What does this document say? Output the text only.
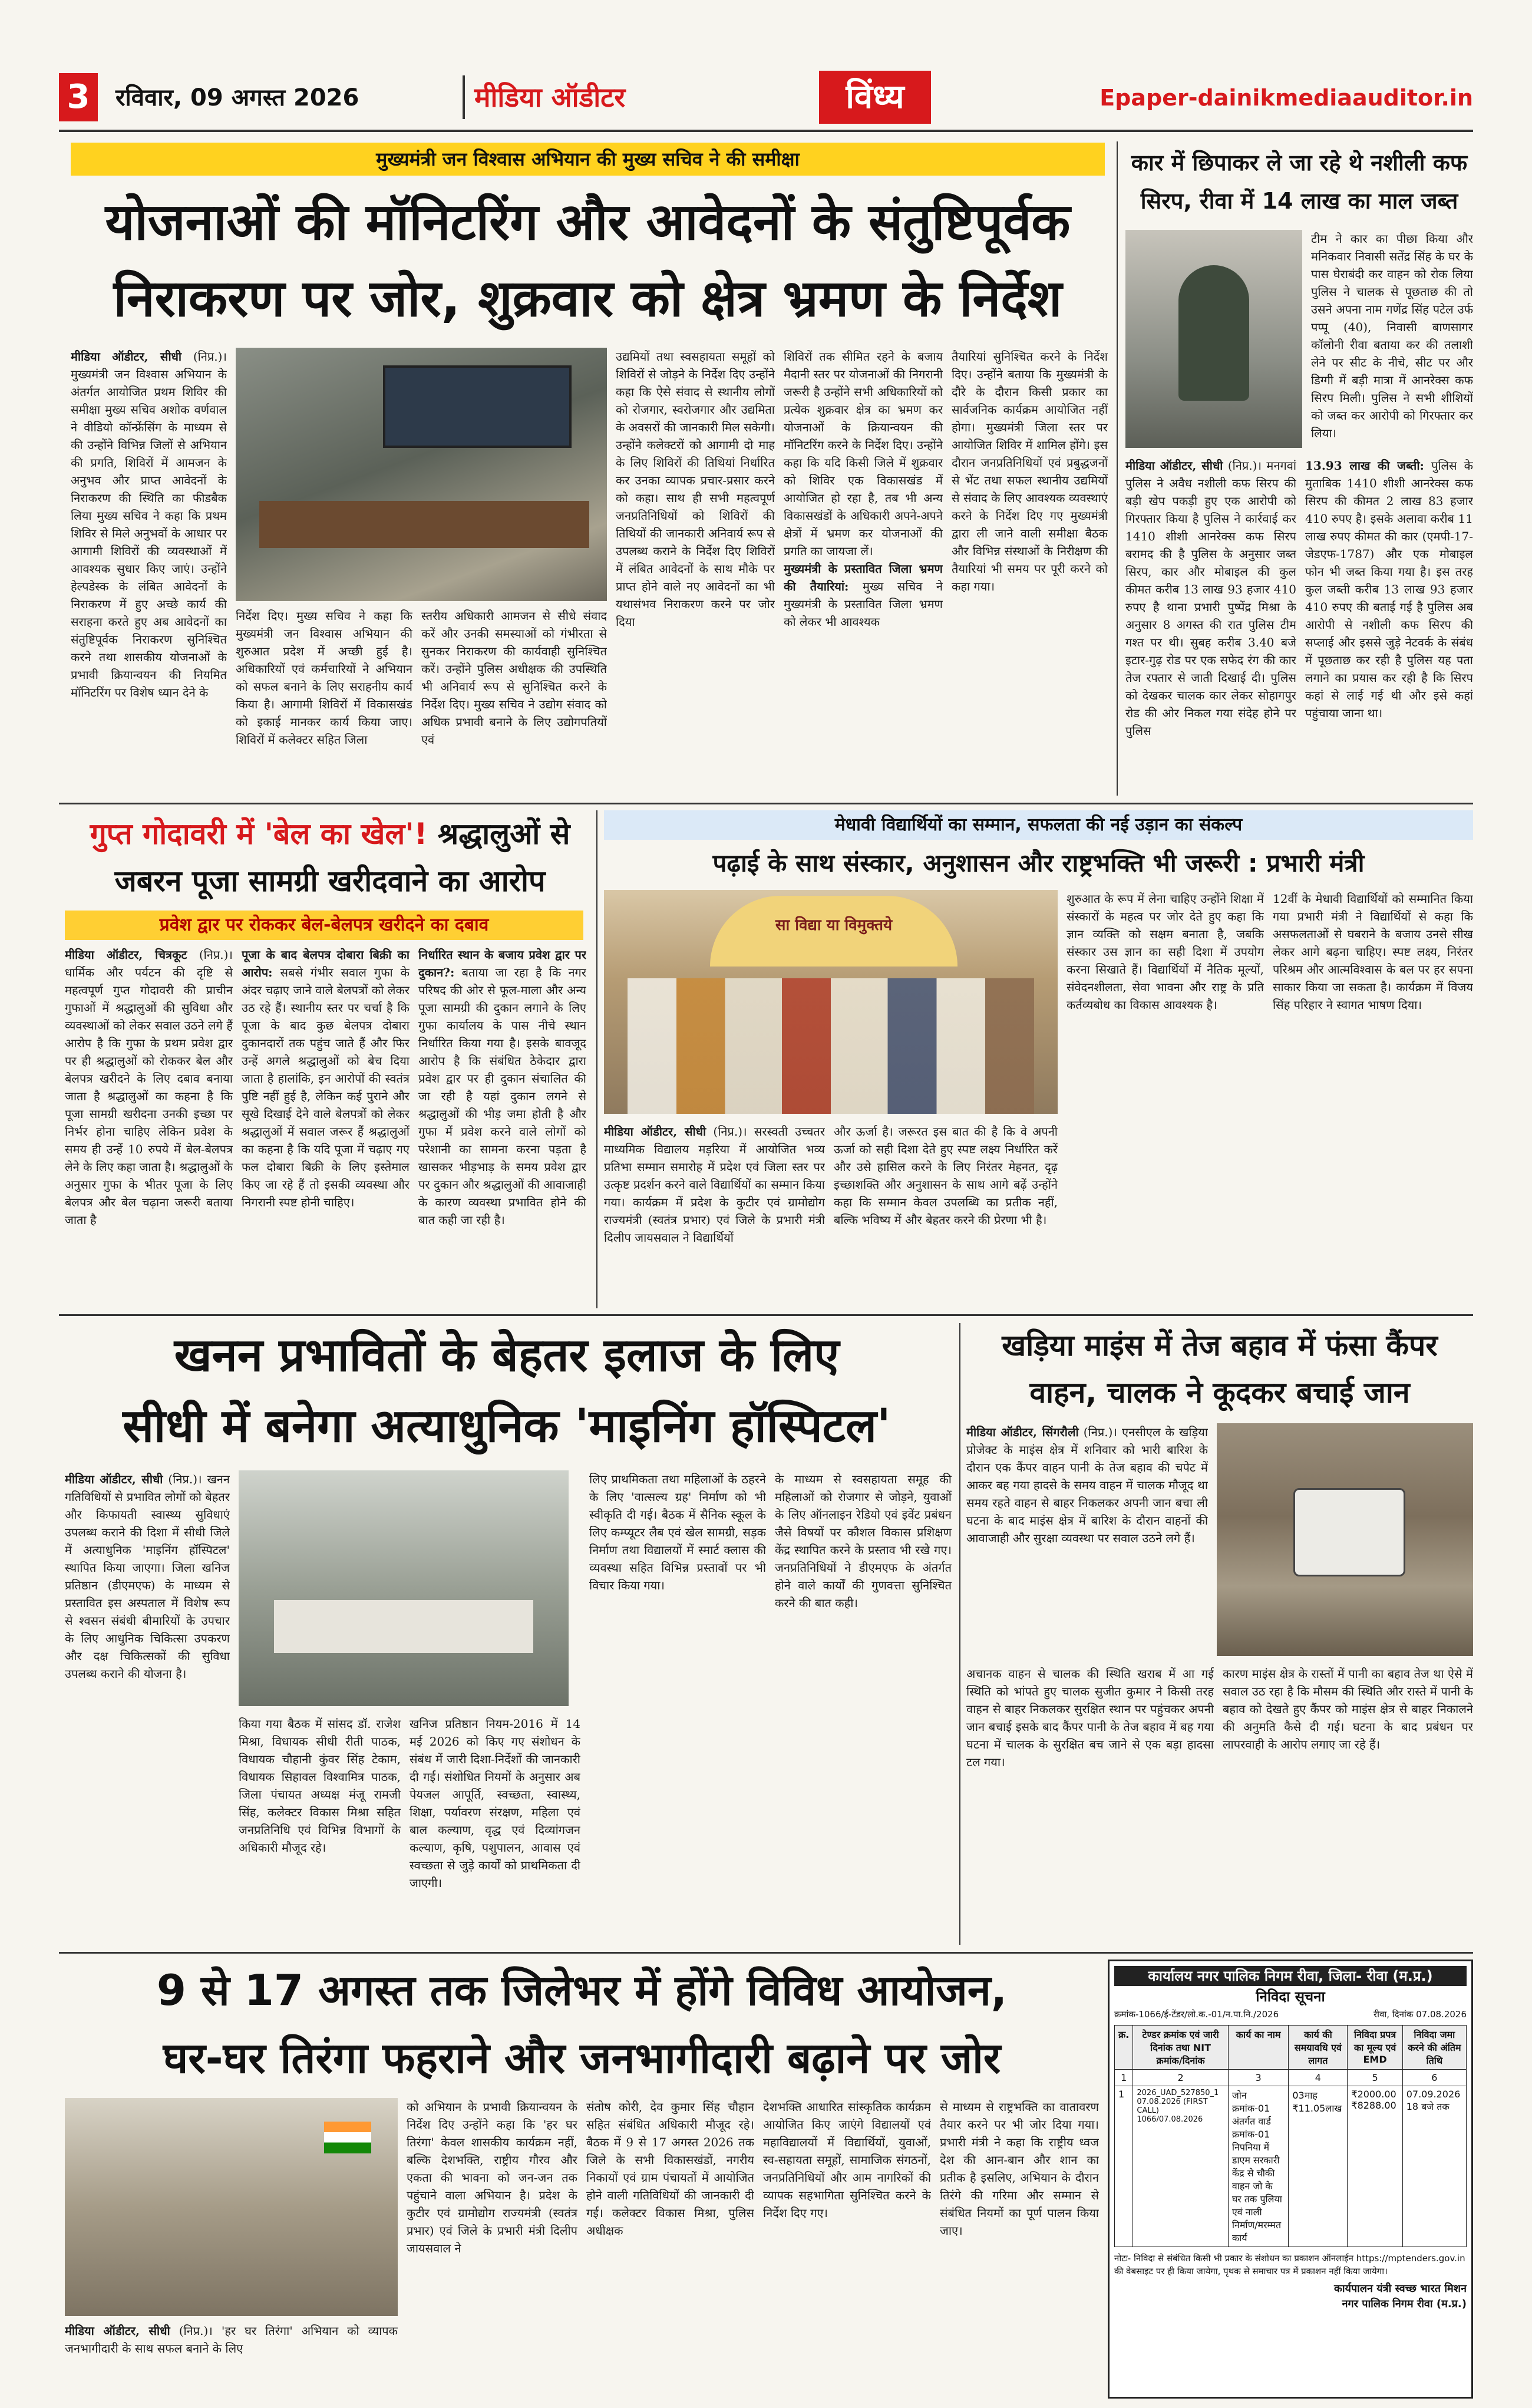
3	रविवार, 09 अगस्त 2026	मीडिया ऑडीटर	विंध्य	Epaper-dainikmediaauditor.in
मुख्यमंत्री जन विश्वास अभियान की मुख्य सचिव ने की समीक्षा
योजनाओं की मॉनिटरिंग और आवेदनों के संतुष्टिपूर्वक
निराकरण पर जोर, शुक्रवार को क्षेत्र भ्रमण के निर्देश
मीडिया ऑडीटर, सीधी (निप्र.)। मुख्यमंत्री जन विश्वास अभियान के अंतर्गत आयोजित प्रथम शिविर की समीक्षा मुख्य सचिव अशोक वर्णवाल ने वीडियो कॉन्फ्रेंसिंग के माध्यम से की उन्होंने विभिन्न जिलों से अभियान की प्रगति, शिविरों में आमजन के अनुभव और प्राप्त आवेदनों के निराकरण की स्थिति का फीडबैक लिया मुख्य सचिव ने कहा कि प्रथम शिविर से मिले अनुभवों के आधार पर आगामी शिविरों की व्यवस्थाओं में आवश्यक सुधार किए जाएं। उन्होंने हेल्पडेस्क के लंबित आवेदनों के निराकरण में हुए अच्छे कार्य की सराहना करते हुए अब आवेदनों का संतुष्टिपूर्वक निराकरण सुनिश्चित करने तथा शासकीय योजनाओं के प्रभावी क्रियान्वयन की नियमित मॉनिटरिंग पर विशेष ध्यान देने के
निर्देश दिए। मुख्य सचिव ने कहा कि मुख्यमंत्री जन विश्वास अभियान की शुरुआत प्रदेश में अच्छी हुई है। अधिकारियों एवं कर्मचारियों ने अभियान को सफल बनाने के लिए सराहनीय कार्य किया है। आगामी शिविरों में विकासखंड को इकाई मानकर कार्य किया जाए। शिविरों में कलेक्टर सहित जिला
स्तरीय अधिकारी आमजन से सीधे संवाद करें और उनकी समस्याओं को गंभीरता से सुनकर निराकरण की कार्यवाही सुनिश्चित करें। उन्होंने पुलिस अधीक्षक की उपस्थिति भी अनिवार्य रूप से सुनिश्चित करने के निर्देश दिए। मुख्य सचिव ने उद्योग संवाद को अधिक प्रभावी बनाने के लिए उद्योगपतियों एवं
उद्यमियों तथा स्वसहायता समूहों को शिविरों से जोड़ने के निर्देश दिए उन्होंने कहा कि ऐसे संवाद से स्थानीय लोगों को रोजगार, स्वरोजगार और उद्यमिता के अवसरों की जानकारी मिल सकेगी। उन्होंने कलेक्टरों को आगामी दो माह के लिए शिविरों की तिथियां निर्धारित कर उनका व्यापक प्रचार-प्रसार करने को कहा। साथ ही सभी महत्वपूर्ण जनप्रतिनिधियों को शिविरों की तिथियों की जानकारी अनिवार्य रूप से उपलब्ध कराने के निर्देश दिए शिविरों में लंबित आवेदनों के साथ मौके पर प्राप्त होने वाले नए आवेदनों का भी यथासंभव निराकरण करने पर जोर दिया
शिविरों तक सीमित रहने के बजाय मैदानी स्तर पर योजनाओं की निगरानी जरूरी है उन्होंने सभी अधिकारियों को प्रत्येक शुक्रवार क्षेत्र का भ्रमण कर योजनाओं के क्रियान्वयन की मॉनिटरिंग करने के निर्देश दिए। उन्होंने कहा कि यदि किसी जिले में शुक्रवार को शिविर एक विकासखंड में आयोजित हो रहा है, तब भी अन्य विकासखंडों के अधिकारी अपने-अपने क्षेत्रों में भ्रमण कर योजनाओं की प्रगति का जायजा लें।
मुख्यमंत्री के प्रस्तावित जिला भ्रमण की तैयारियां: मुख्य सचिव ने मुख्यमंत्री के प्रस्तावित जिला भ्रमण को लेकर भी आवश्यक
तैयारियां सुनिश्चित करने के निर्देश दिए। उन्होंने बताया कि मुख्यमंत्री के दौरे के दौरान किसी प्रकार का सार्वजनिक कार्यक्रम आयोजित नहीं होगा। मुख्यमंत्री जिला स्तर पर आयोजित शिविर में शामिल होंगे। इस दौरान जनप्रतिनिधियों एवं प्रबुद्धजनों से भेंट तथा सफल स्थानीय उद्यमियों से संवाद के लिए आवश्यक व्यवस्थाएं करने के निर्देश दिए गए मुख्यमंत्री द्वारा ली जाने वाली समीक्षा बैठक और विभिन्न संस्थाओं के निरीक्षण की तैयारियां भी समय पर पूरी करने को कहा गया।
कार में छिपाकर ले जा रहे थे नशीली कफ
सिरप, रीवा में 14 लाख का माल जब्त
टीम ने कार का पीछा किया और मनिकवार निवासी सतेंद्र सिंह के घर के पास घेराबंदी कर वाहन को रोक लिया पुलिस ने चालक से पूछताछ की तो उसने अपना नाम गणेंद्र सिंह पटेल उर्फ पप्पू (40), निवासी बाणसागर कॉलोनी रीवा बताया कर की तलाशी लेने पर सीट के नीचे, सीट पर और डिग्गी में बड़ी मात्रा में आनरेक्स कफ सिरप मिली। पुलिस ने सभी शीशियों को जब्त कर आरोपी को गिरफ्तार कर लिया।
मीडिया ऑडीटर, सीधी (निप्र.)। मनगवां पुलिस ने अवैध नशीली कफ सिरप की बड़ी खेप पकड़ी हुए एक आरोपी को गिरफ्तार किया है पुलिस ने कार्रवाई कर 1410 शीशी आनरेक्स कफ सिरप बरामद की है पुलिस के अनुसार जब्त सिरप, कार और मोबाइल की कुल कीमत करीब 13 लाख 93 हजार 410 रुपए है थाना प्रभारी पुष्पेंद्र मिश्रा के अनुसार 8 अगस्त की रात पुलिस टीम गश्त पर थी। सुबह करीब 3.40 बजे इटार-गुढ़ रोड पर एक सफेद रंग की कार तेज रफ्तार से जाती दिखाई दी। पुलिस को देखकर चालक कार लेकर सोहागपुर रोड की ओर निकल गया संदेह होने पर पुलिस
13.93 लाख की जब्ती: पुलिस के मुताबिक 1410 शीशी आनरेक्स कफ सिरप की कीमत 2 लाख 83 हजार 410 रुपए है। इसके अलावा करीब 11 लाख रुपए कीमत की कार (एमपी-17-जेडएफ-1787) और एक मोबाइल फोन भी जब्त किया गया है। इस तरह कुल जब्ती करीब 13 लाख 93 हजार 410 रुपए की बताई गई है पुलिस अब आरोपी से नशीली कफ सिरप की सप्लाई और इससे जुड़े नेटवर्क के संबंध में पूछताछ कर रही है पुलिस यह पता लगाने का प्रयास कर रही है कि सिरप कहां से लाई गई थी और इसे कहां पहुंचाया जाना था।
गुप्त गोदावरी में 'बेल का खेल'! श्रद्धालुओं से
जबरन पूजा सामग्री खरीदवाने का आरोप
प्रवेश द्वार पर रोककर बेल-बेलपत्र खरीदने का दबाव
मीडिया ऑडीटर, चित्रकूट (निप्र.)। धार्मिक और पर्यटन की दृष्टि से महत्वपूर्ण गुप्त गोदावरी की प्राचीन गुफाओं में श्रद्धालुओं की सुविधा और व्यवस्थाओं को लेकर सवाल उठने लगे हैं आरोप है कि गुफा के प्रथम प्रवेश द्वार पर ही श्रद्धालुओं को रोककर बेल और बेलपत्र खरीदने के लिए दबाव बनाया जाता है श्रद्धालुओं का कहना है कि पूजा सामग्री खरीदना उनकी इच्छा पर निर्भर होना चाहिए लेकिन प्रवेश के समय ही उन्हें 10 रुपये में बेल-बेलपत्र लेने के लिए कहा जाता है। श्रद्धालुओं के अनुसार गुफा के भीतर पूजा के लिए बेलपत्र और बेल चढ़ाना जरूरी बताया जाता है
पूजा के बाद बेलपत्र दोबारा बिक्री का आरोप: सबसे गंभीर सवाल गुफा के अंदर चढ़ाए जाने वाले बेलपत्रों को लेकर उठ रहे हैं। स्थानीय स्तर पर चर्चा है कि पूजा के बाद कुछ बेलपत्र दोबारा दुकानदारों तक पहुंच जाते हैं और फिर उन्हें अगले श्रद्धालुओं को बेच दिया जाता है हालांकि, इन आरोपों की स्वतंत्र पुष्टि नहीं हुई है, लेकिन कई पुराने और सूखे दिखाई देने वाले बेलपत्रों को लेकर श्रद्धालुओं में सवाल जरूर हैं श्रद्धालुओं का कहना है कि यदि पूजा में चढ़ाए गए फल दोबारा बिक्री के लिए इस्तेमाल किए जा रहे हैं तो इसकी व्यवस्था और निगरानी स्पष्ट होनी चाहिए।
निर्धारित स्थान के बजाय प्रवेश द्वार पर दुकान?: बताया जा रहा है कि नगर परिषद की ओर से फूल-माला और अन्य पूजा सामग्री की दुकान लगाने के लिए गुफा कार्यालय के पास नीचे स्थान निर्धारित किया गया है। इसके बावजूद आरोप है कि संबंधित ठेकेदार द्वारा प्रवेश द्वार पर ही दुकान संचालित की जा रही है यहां दुकान लगने से श्रद्धालुओं की भीड़ जमा होती है और गुफा में प्रवेश करने वाले लोगों को परेशानी का सामना करना पड़ता है खासकर भीड़भाड़ के समय प्रवेश द्वार पर दुकान और श्रद्धालुओं की आवाजाही के कारण व्यवस्था प्रभावित होने की बात कही जा रही है।
मेधावी विद्यार्थियों का सम्मान, सफलता की नई उड़ान का संकल्प
पढ़ाई के साथ संस्कार, अनुशासन और राष्ट्रभक्ति भी जरूरी : प्रभारी मंत्री
सा विद्या या विमुक्तये
मीडिया ऑडीटर, सीधी (निप्र.)। सरस्वती उच्चतर माध्यमिक विद्यालय मड़रिया में आयोजित भव्य प्रतिभा सम्मान समारोह में प्रदेश एवं जिला स्तर पर उत्कृष्ट प्रदर्शन करने वाले विद्यार्थियों का सम्मान किया गया। कार्यक्रम में प्रदेश के कुटीर एवं ग्रामोद्योग राज्यमंत्री (स्वतंत्र प्रभार) एवं जिले के प्रभारी मंत्री दिलीप जायसवाल ने विद्यार्थियों
और ऊर्जा है। जरूरत इस बात की है कि वे अपनी ऊर्जा को सही दिशा देते हुए स्पष्ट लक्ष्य निर्धारित करें और उसे हासिल करने के लिए निरंतर मेहनत, दृढ़ इच्छाशक्ति और अनुशासन के साथ आगे बढ़ें उन्होंने कहा कि सम्मान केवल उपलब्धि का प्रतीक नहीं, बल्कि भविष्य में और बेहतर करने की प्रेरणा भी है।
शुरुआत के रूप में लेना चाहिए उन्होंने शिक्षा में संस्कारों के महत्व पर जोर देते हुए कहा कि ज्ञान व्यक्ति को सक्षम बनाता है, जबकि संस्कार उस ज्ञान का सही दिशा में उपयोग करना सिखाते हैं। विद्यार्थियों में नैतिक मूल्यों, संवेदनशीलता, सेवा भावना और राष्ट्र के प्रति कर्तव्यबोध का विकास आवश्यक है।
12वीं के मेधावी विद्यार्थियों को सम्मानित किया गया प्रभारी मंत्री ने विद्यार्थियों से कहा कि असफलताओं से घबराने के बजाय उनसे सीख लेकर आगे बढ़ना चाहिए। स्पष्ट लक्ष्य, निरंतर परिश्रम और आत्मविश्वास के बल पर हर सपना साकार किया जा सकता है। कार्यक्रम में विजय सिंह परिहार ने स्वागत भाषण दिया।
खनन प्रभावितों के बेहतर इलाज के लिए
सीधी में बनेगा अत्याधुनिक 'माइनिंग हॉस्पिटल'
मीडिया ऑडीटर, सीधी (निप्र.)। खनन गतिविधियों से प्रभावित लोगों को बेहतर और किफायती स्वास्थ्य सुविधाएं उपलब्ध कराने की दिशा में सीधी जिले में अत्याधुनिक 'माइनिंग हॉस्पिटल' स्थापित किया जाएगा। जिला खनिज प्रतिष्ठान (डीएमएफ) के माध्यम से प्रस्तावित इस अस्पताल में विशेष रूप से श्वसन संबंधी बीमारियों के उपचार के लिए आधुनिक चिकित्सा उपकरण और दक्ष चिकित्सकों की सुविधा उपलब्ध कराने की योजना है।
किया गया बैठक में सांसद डॉ. राजेश मिश्रा, विधायक सीधी रीती पाठक, विधायक चौहानी कुंवर सिंह टेकाम, विधायक सिहावल विश्वामित्र पाठक, जिला पंचायत अध्यक्ष मंजू रामजी सिंह, कलेक्टर विकास मिश्रा सहित जनप्रतिनिधि एवं विभिन्न विभागों के अधिकारी मौजूद रहे।
खनिज प्रतिष्ठान नियम-2016 में 14 मई 2026 को किए गए संशोधन के संबंध में जारी दिशा-निर्देशों की जानकारी दी गई। संशोधित नियमों के अनुसार अब पेयजल आपूर्ति, स्वच्छता, स्वास्थ्य, शिक्षा, पर्यावरण संरक्षण, महिला एवं बाल कल्याण, वृद्ध एवं दिव्यांगजन कल्याण, कृषि, पशुपालन, आवास एवं स्वच्छता से जुड़े कार्यों को प्राथमिकता दी जाएगी।
लिए प्राथमिकता तथा महिलाओं के ठहरने के लिए 'वात्सल्य ग्रह' निर्माण को भी स्वीकृति दी गई। बैठक में सैनिक स्कूल के लिए कम्प्यूटर लैब एवं खेल सामग्री, सड़क निर्माण तथा विद्यालयों में स्मार्ट क्लास की व्यवस्था सहित विभिन्न प्रस्तावों पर भी विचार किया गया।
के माध्यम से स्वसहायता समूह की महिलाओं को रोजगार से जोड़ने, युवाओं के लिए ऑनलाइन रेडियो एवं इवेंट प्रबंधन जैसे विषयों पर कौशल विकास प्रशिक्षण केंद्र स्थापित करने के प्रस्ताव भी रखे गए। जनप्रतिनिधियों ने डीएमएफ के अंतर्गत होने वाले कार्यों की गुणवत्ता सुनिश्चित करने की बात कही।
खड़िया माइंस में तेज बहाव में फंसा कैंपर
वाहन, चालक ने कूदकर बचाई जान
मीडिया ऑडीटर, सिंगरौली (निप्र.)। एनसीएल के खड़िया प्रोजेक्ट के माइंस क्षेत्र में शनिवार को भारी बारिश के दौरान एक कैंपर वाहन पानी के तेज बहाव की चपेट में आकर बह गया हादसे के समय वाहन में चालक मौजूद था समय रहते वाहन से बाहर निकलकर अपनी जान बचा ली घटना के बाद माइंस क्षेत्र में बारिश के दौरान वाहनों की आवाजाही और सुरक्षा व्यवस्था पर सवाल उठने लगे हैं।
अचानक वाहन से चालक की स्थिति खराब में आ गई स्थिति को भांपते हुए चालक सुजीत कुमार ने किसी तरह वाहन से बाहर निकलकर सुरक्षित स्थान पर पहुंचकर अपनी जान बचाई इसके बाद कैंपर पानी के तेज बहाव में बह गया घटना में चालक के सुरक्षित बच जाने से एक बड़ा हादसा टल गया।
कारण माइंस क्षेत्र के रास्तों में पानी का बहाव तेज था ऐसे में सवाल उठ रहा है कि मौसम की स्थिति और रास्ते में पानी के बहाव को देखते हुए कैंपर को माइंस क्षेत्र से बाहर निकालने की अनुमति कैसे दी गई। घटना के बाद प्रबंधन पर लापरवाही के आरोप लगाए जा रहे हैं।
9 से 17 अगस्त तक जिलेभर में होंगे विविध आयोजन,
घर-घर तिरंगा फहराने और जनभागीदारी बढ़ाने पर जोर
मीडिया ऑडीटर, सीधी (निप्र.)। 'हर घर तिरंगा' अभियान को व्यापक जनभागीदारी के साथ सफल बनाने के लिए
को अभियान के प्रभावी क्रियान्वयन के निर्देश दिए उन्होंने कहा कि 'हर घर तिरंगा' केवल शासकीय कार्यक्रम नहीं, बल्कि देशभक्ति, राष्ट्रीय गौरव और एकता की भावना को जन-जन तक पहुंचाने वाला अभियान है। प्रदेश के कुटीर एवं ग्रामोद्योग राज्यमंत्री (स्वतंत्र प्रभार) एवं जिले के प्रभारी मंत्री दिलीप जायसवाल ने
संतोष कोरी, देव कुमार सिंह चौहान सहित संबंधित अधिकारी मौजूद रहे। बैठक में 9 से 17 अगस्त 2026 तक जिले के सभी विकासखंडों, नगरीय निकायों एवं ग्राम पंचायतों में आयोजित होने वाली गतिविधियों की जानकारी दी गई। कलेक्टर विकास मिश्रा, पुलिस अधीक्षक
देशभक्ति आधारित सांस्कृतिक कार्यक्रम आयोजित किए जाएंगे विद्यालयों एवं महाविद्यालयों में विद्यार्थियों, युवाओं, स्व-सहायता समूहों, सामाजिक संगठनों, जनप्रतिनिधियों और आम नागरिकों की व्यापक सहभागिता सुनिश्चित करने के निर्देश दिए गए।
से माध्यम से राष्ट्रभक्ति का वातावरण तैयार करने पर भी जोर दिया गया। प्रभारी मंत्री ने कहा कि राष्ट्रीय ध्वज देश की आन-बान और शान का प्रतीक है इसलिए, अभियान के दौरान तिरंगे की गरिमा और सम्मान से संबंधित नियमों का पूर्ण पालन किया जाए।
कार्यालय नगर पालिक निगम रीवा, जिला- रीवा (म.प्र.)
निविदा सूचना
क्रमांक-1066/ई-टेंडर/लो.क.-01/न.पा.नि./2026	रीवा, दिनांक 07.08.2026
क्र.	टेण्डर क्रमांक एवं जारी दिनांक तथा NIT क्रमांक/दिनांक	कार्य का नाम	कार्य की समयावधि एवं लागत	निविदा प्रपत्र का मूल्य एवं EMD	निविदा जमा करने की अंतिम तिथि
1	2	3	4	5	6
1	2026_UAD_527850_1 07.08.2026 (FIRST CALL) 1066/07.08.2026	जोन क्रमांक-01 अंतर्गत वार्ड क्रमांक-01 निपनिया में डाएम सरकारी केंद्र से चौकी वाहन जो के घर तक पुलिया एवं नाली निर्माण/मरम्मत कार्य	03माह ₹11.05लाख	₹2000.00 ₹8288.00	07.09.2026 18 बजे तक
नोटः- निविदा से संबंधित किसी भी प्रकार के संशोधन का प्रकाशन ऑनलाईन https://mptenders.gov.in की वेबसाइट पर ही किया जायेगा, पृथक से समाचार पत्र में प्रकाशन नहीं किया जायेगा।
कार्यपालन यंत्री स्वच्छ भारत मिशन
नगर पालिक निगम रीवा (म.प्र.)
